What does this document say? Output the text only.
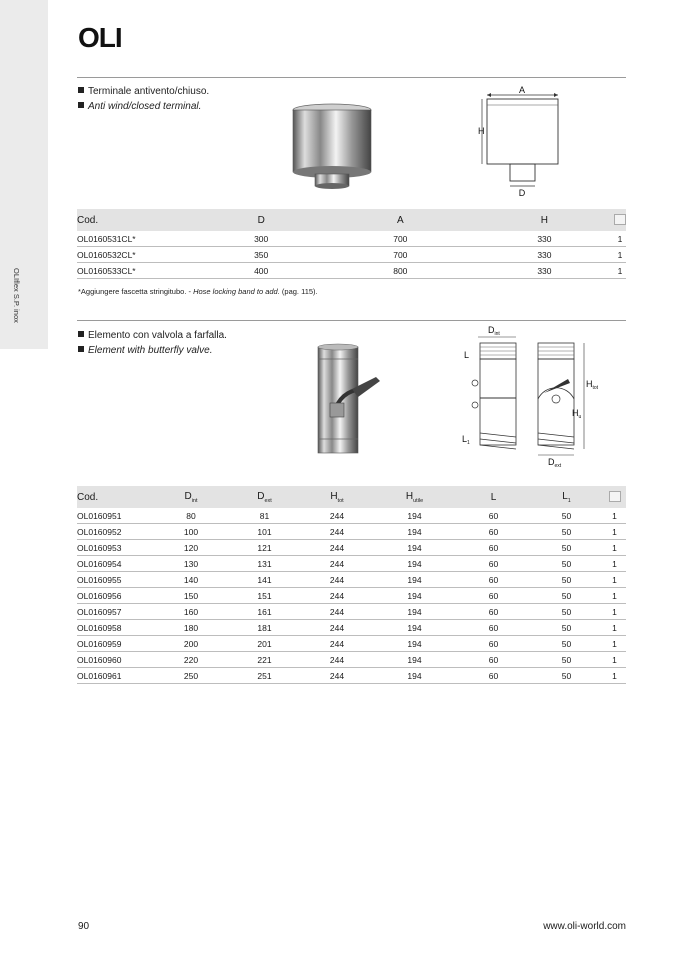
OLIflex S.P. inox
OLI
Terminale antivento/chiuso.
Anti wind/closed terminal.
A
H
D
Cod.	D	A	H	
OL0160531CL*	300	700	330	1
OL0160532CL*	350	700	330	1
OL0160533CL*	400	800	330	1
*Aggiungere fascetta stringitubo. - Hose locking band to add. (pag. 115).
Elemento con valvola a farfalla.
Element with butterfly valve.
$D_{int}$
L
$L_1$
$H_{tot}$
$H_u$
$D_{ext}$
Cod.	$D_{int}$	$D_{ext}$	$H_{tot}$	$H_{utile}$	L	$L_1$	
OL0160951	80	81	244	194	60	50	1
OL0160952	100	101	244	194	60	50	1
OL0160953	120	121	244	194	60	50	1
OL0160954	130	131	244	194	60	50	1
OL0160955	140	141	244	194	60	50	1
OL0160956	150	151	244	194	60	50	1
OL0160957	160	161	244	194	60	50	1
OL0160958	180	181	244	194	60	50	1
OL0160959	200	201	244	194	60	50	1
OL0160960	220	221	244	194	60	50	1
OL0160961	250	251	244	194	60	50	1
90	www.oli-world.com
